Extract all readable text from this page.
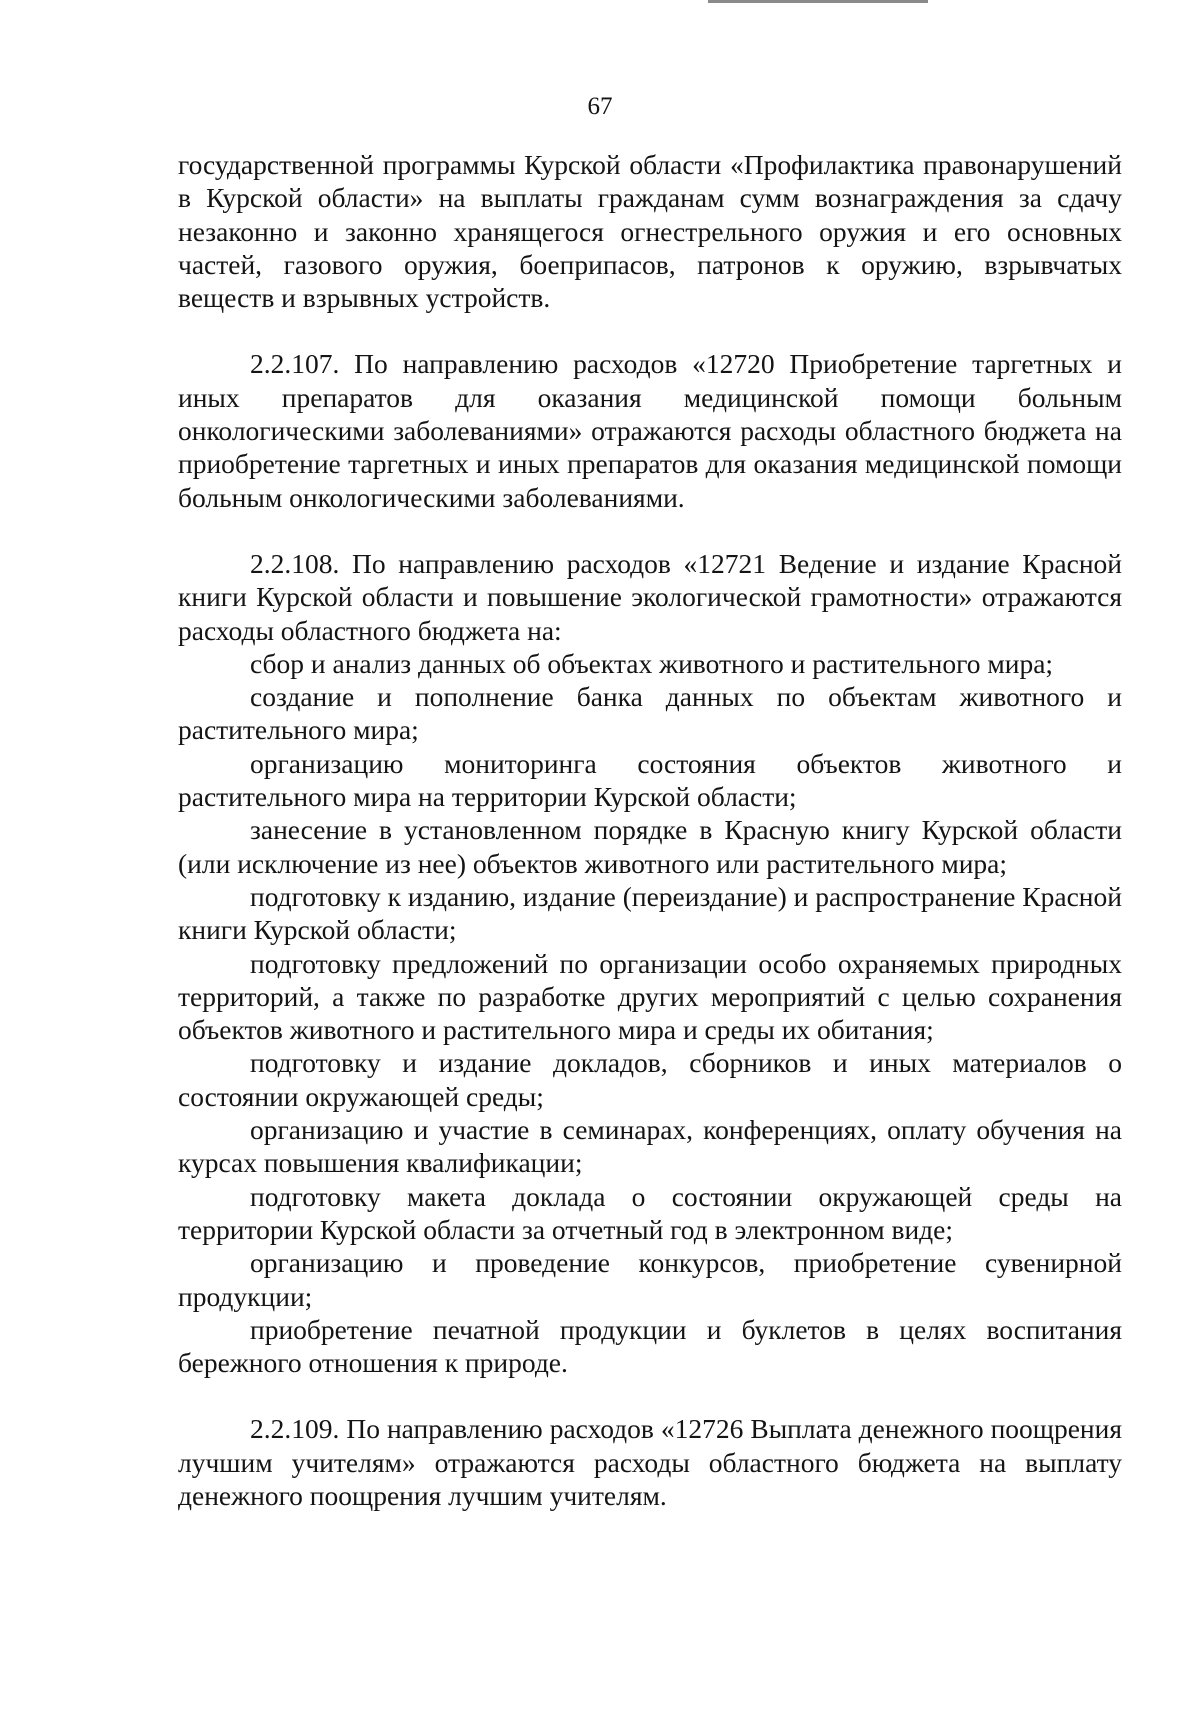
67

государственной программы Курской области «Профилактика правонарушений в Курской области» на выплаты гражданам сумм вознаграждения за сдачу незаконно и законно хранящегося огнестрельного оружия и его основных частей, газового оружия, боеприпасов, патронов к оружию, взрывчатых веществ и взрывных устройств.

2.2.107. По направлению расходов «12720 Приобретение таргетных и иных препаратов для оказания медицинской помощи больным онкологическими заболеваниями» отражаются расходы областного бюджета на приобретение таргетных и иных препаратов для оказания медицинской помощи больным онкологическими заболеваниями.

2.2.108. По направлению расходов «12721 Ведение и издание Красной книги Курской области и повышение экологической грамотности» отражаются расходы областного бюджета на:

сбор и анализ данных об объектах животного и растительного мира;

создание и пополнение банка данных по объектам животного и растительного мира;

организацию мониторинга состояния объектов животного и растительного мира на территории Курской области;

занесение в установленном порядке в Красную книгу Курской области (или исключение из нее) объектов животного или растительного мира;

подготовку к изданию, издание (переиздание) и распространение Красной книги Курской области;

подготовку предложений по организации особо охраняемых природных территорий, а также по разработке других мероприятий с целью сохранения объектов животного и растительного мира и среды их обитания;

подготовку и издание докладов, сборников и иных материалов о состоянии окружающей среды;

организацию и участие в семинарах, конференциях, оплату обучения на курсах повышения квалификации;

подготовку макета доклада о состоянии окружающей среды на территории Курской области за отчетный год в электронном виде;

организацию и проведение конкурсов, приобретение сувенирной продукции;

приобретение печатной продукции и буклетов в целях воспитания бережного отношения к природе.

2.2.109. По направлению расходов «12726 Выплата денежного поощрения лучшим учителям» отражаются расходы областного бюджета на выплату денежного поощрения лучшим учителям.
